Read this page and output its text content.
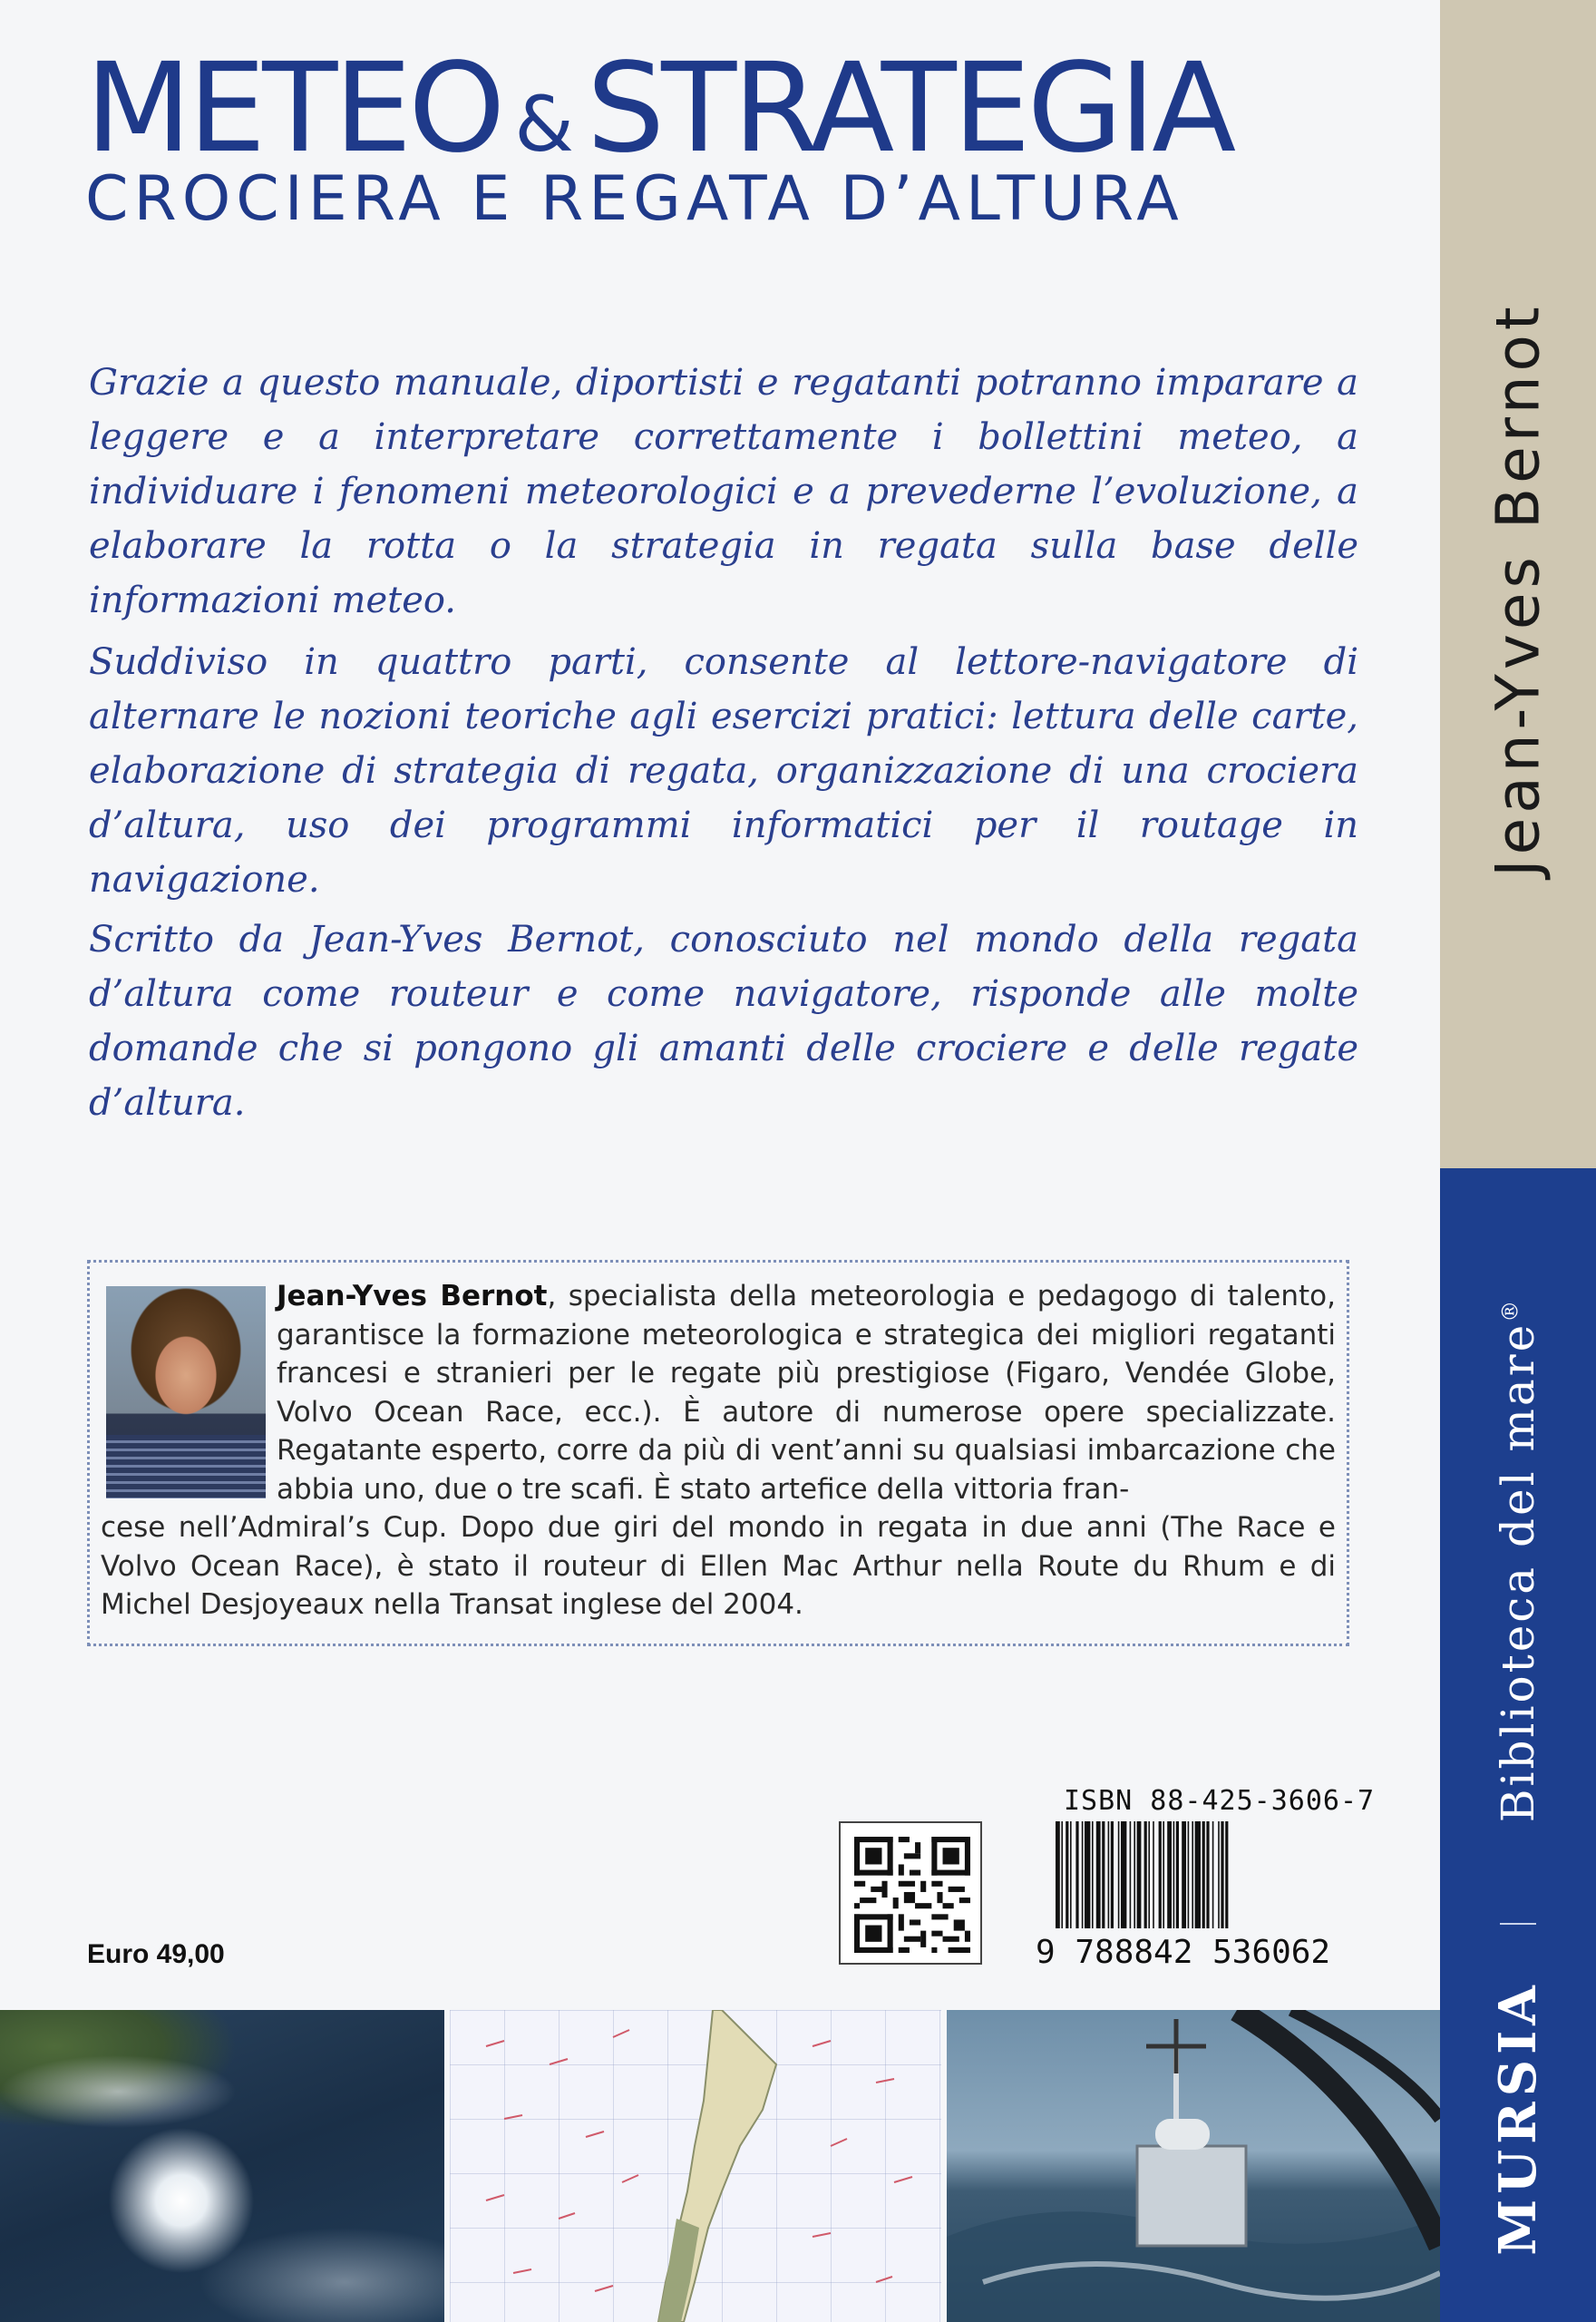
Jean-Yves Bernot
Biblioteca del mare®
MURSIA
METEO & STRATEGIA
CROCIERA E REGATA D’ALTURA

Grazie a questo manuale, diportisti e regatanti potranno imparare a leggere e a interpretare correttamente i bollettini meteo, a individuare i fenomeni meteorologici e a prevederne l’evoluzione, a elaborare la rotta o la strategia in regata sulla base delle informazioni meteo.

Suddiviso in quattro parti, consente al lettore-navigatore di alternare le nozioni teoriche agli esercizi pratici: lettura delle carte, elaborazione di strategia di regata, organizzazione di una crociera d’altura, uso dei programmi informatici per il routage in navigazione.

Scritto da Jean-Yves Bernot, conosciuto nel mondo della regata d’altura come routeur e come navigatore, risponde alle molte domande che si pongono gli amanti delle crociere e delle regate d’altura.

Jean-Yves Bernot, specialista della meteorologia e pedagogo di talento, garantisce la formazione meteorologica e strategica dei migliori regatanti francesi e stranieri per le regate più prestigiose (Figaro, Vendée Globe, Volvo Ocean Race, ecc.). È autore di numerose opere specializzate. Regatante esperto, corre da più di vent’anni su qualsiasi imbarcazione che abbia uno, due o tre scafi. È stato artefice della vittoria fran-
cese nell’Admiral’s Cup. Dopo due giri del mondo in regata in due anni (The Race e Volvo Ocean Race), è stato il routeur di Ellen Mac Arthur nella Route du Rhum e di Michel Desjoyeaux nella Transat inglese del 2004.

ISBN 88-425-3606-7
9 788842 536062
Euro 49,00
